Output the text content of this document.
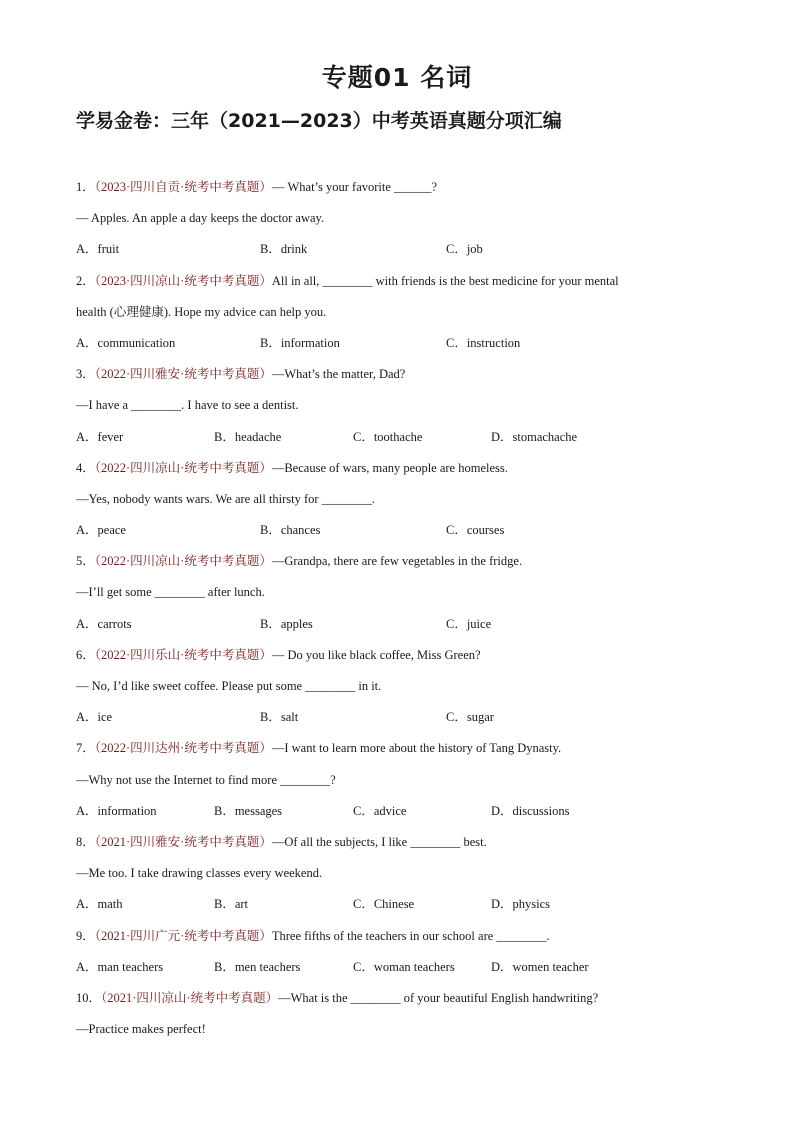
专题01 名词
学易金卷：三年（2021—2023）中考英语真题分项汇编
1．（2023·四川自贡·统考中考真题）— What’s your favorite ______?
— Apples. An apple a day keeps the doctor away.
A．fruit	B．drink	C．job
2．（2023·四川凉山·统考中考真题）All in all, ________ with friends is the best medicine for your mental
health (心理健康). Hope my advice can help you.
A．communication	B．information	C．instruction
3．（2022·四川雅安·统考中考真题）—What’s the matter, Dad?
—I have a ________. I have to see a dentist.
A．fever	B．headache	C．toothache	D．stomachache
4．（2022·四川凉山·统考中考真题）—Because of wars, many people are homeless.
—Yes, nobody wants wars. We are all thirsty for ________.
A．peace	B．chances	C．courses
5．（2022·四川凉山·统考中考真题）—Grandpa, there are few vegetables in the fridge.
—I’ll get some ________ after lunch.
A．carrots	B．apples	C．juice
6．（2022·四川乐山·统考中考真题）— Do you like black coffee, Miss Green?
— No, I’d like sweet coffee. Please put some ________ in it.
A．ice	B．salt	C．sugar
7．（2022·四川达州·统考中考真题）—I want to learn more about the history of Tang Dynasty.
—Why not use the Internet to find more ________?
A．information	B．messages	C．advice	D．discussions
8．（2021·四川雅安·统考中考真题）—Of all the subjects, I like ________ best.
—Me too. I take drawing classes every weekend.
A．math	B．art	C．Chinese	D．physics
9．（2021·四川广元·统考中考真题）Three fifths of the teachers in our school are ________.
A．man teachers	B．men teachers	C．woman teachers	D．women teacher
10．（2021·四川凉山·统考中考真题）—What is the ________ of your beautiful English handwriting?
—Practice makes perfect!
